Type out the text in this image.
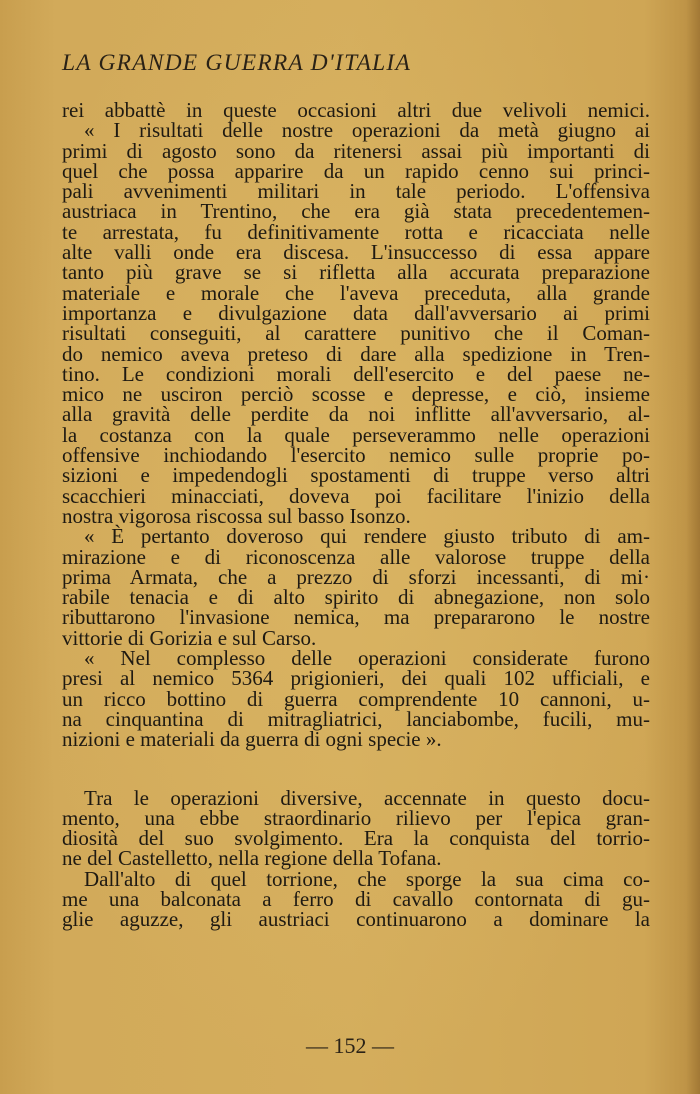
LA GRANDE GUERRA D'ITALIA
rei abbattè in queste occasioni altri due velivoli nemici.
« I risultati delle nostre operazioni da metà giugno ai
primi di agosto sono da ritenersi assai più importanti di
quel che possa apparire da un rapido cenno sui princi-
pali avvenimenti militari in tale periodo. L'offensiva
austriaca in Trentino, che era già stata precedentemen-
te arrestata, fu definitivamente rotta e ricacciata nelle
alte valli onde era discesa. L'insuccesso di essa appare
tanto più grave se si rifletta alla accurata preparazione
materiale e morale che l'aveva preceduta, alla grande
importanza e divulgazione data dall'avversario ai primi
risultati conseguiti, al carattere punitivo che il Coman-
do nemico aveva preteso di dare alla spedizione in Tren-
tino. Le condizioni morali dell'esercito e del paese ne-
mico ne usciron perciò scosse e depresse, e ciò, insieme
alla gravità delle perdite da noi inflitte all'avversario, al-
la costanza con la quale perseverammo nelle operazioni
offensive inchiodando l'esercito nemico sulle proprie po-
sizioni e impedendogli spostamenti di truppe verso altri
scacchieri minacciati, doveva poi facilitare l'inizio della
nostra vigorosa riscossa sul basso Isonzo.
« È pertanto doveroso qui rendere giusto tributo di am-
mirazione e di riconoscenza alle valorose truppe della
prima Armata, che a prezzo di sforzi incessanti, di mi·
rabile tenacia e di alto spirito di abnegazione, non solo
ributtarono l'invasione nemica, ma prepararono le nostre
vittorie di Gorizia e sul Carso.
« Nel complesso delle operazioni considerate furono
presi al nemico 5364 prigionieri, dei quali 102 ufficiali, e
un ricco bottino di guerra comprendente 10 cannoni, u-
na cinquantina di mitragliatrici, lanciabombe, fucili, mu-
nizioni e materiali da guerra di ogni specie ».
Tra le operazioni diversive, accennate in questo docu-
mento, una ebbe straordinario rilievo per l'epica gran-
diosità del suo svolgimento. Era la conquista del torrio-
ne del Castelletto, nella regione della Tofana.
Dall'alto di quel torrione, che sporge la sua cima co-
me una balconata a ferro di cavallo contornata di gu-
glie aguzze, gli austriaci continuarono a dominare la
— 152 —
